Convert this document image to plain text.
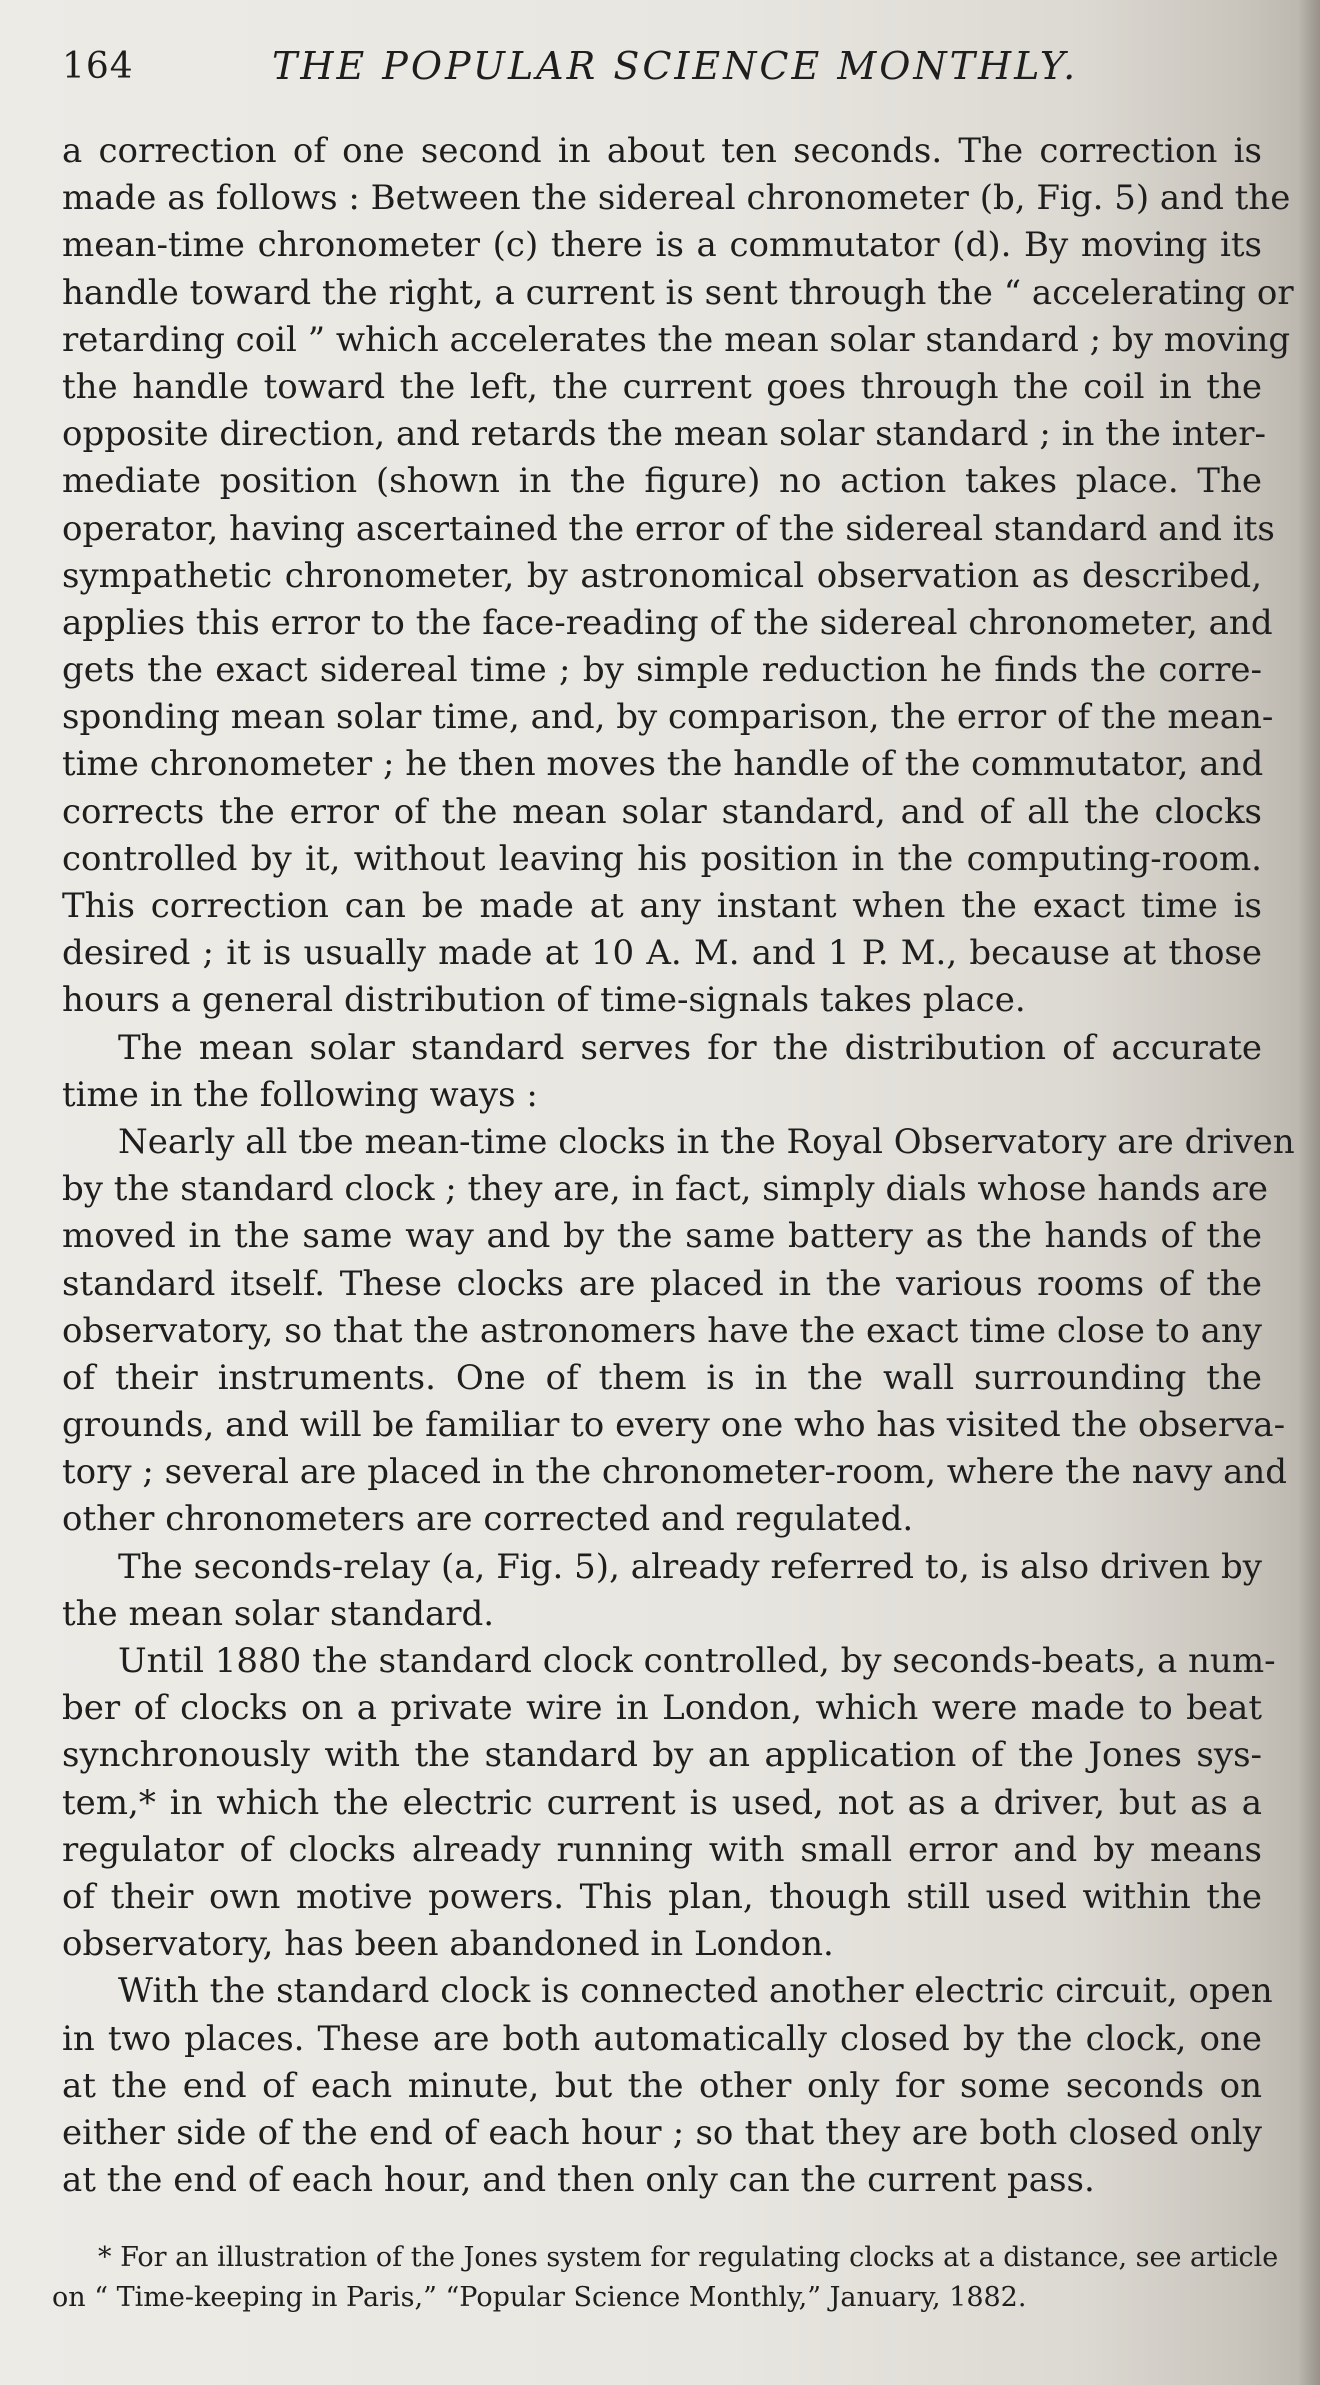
164	THE POPULAR SCIENCE MONTHLY.
a correction of one second in about ten seconds. The correction is
made as follows : Between the sidereal chronometer (b, Fig. 5) and the
mean-time chronometer (c) there is a commutator (d). By moving its
handle toward the right, a current is sent through the “ accelerating or
retarding coil ” which accelerates the mean solar standard ; by moving
the handle toward the left, the current goes through the coil in the
opposite direction, and retards the mean solar standard ; in the inter-
mediate position (shown in the figure) no action takes place. The
operator, having ascertained the error of the sidereal standard and its
sympathetic chronometer, by astronomical observation as described,
applies this error to the face-reading of the sidereal chronometer, and
gets the exact sidereal time ; by simple reduction he finds the corre-
sponding mean solar time, and, by comparison, the error of the mean-
time chronometer ; he then moves the handle of the commutator, and
corrects the error of the mean solar standard, and of all the clocks
controlled by it, without leaving his position in the computing-room.
This correction can be made at any instant when the exact time is
desired ; it is usually made at 10 A. M. and 1 P. M., because at those
hours a general distribution of time-signals takes place.
The mean solar standard serves for the distribution of accurate
time in the following ways :
Nearly all tbe mean-time clocks in the Royal Observatory are driven
by the standard clock ; they are, in fact, simply dials whose hands are
moved in the same way and by the same battery as the hands of the
standard itself. These clocks are placed in the various rooms of the
observatory, so that the astronomers have the exact time close to any
of their instruments. One of them is in the wall surrounding the
grounds, and will be familiar to every one who has visited the observa-
tory ; several are placed in the chronometer-room, where the navy and
other chronometers are corrected and regulated.
The seconds-relay (a, Fig. 5), already referred to, is also driven by
the mean solar standard.
Until 1880 the standard clock controlled, by seconds-beats, a num-
ber of clocks on a private wire in London, which were made to beat
synchronously with the standard by an application of the Jones sys-
tem,* in which the electric current is used, not as a driver, but as a
regulator of clocks already running with small error and by means
of their own motive powers. This plan, though still used within the
observatory, has been abandoned in London.
With the standard clock is connected another electric circuit, open
in two places. These are both automatically closed by the clock, one
at the end of each minute, but the other only for some seconds on
either side of the end of each hour ; so that they are both closed only
at the end of each hour, and then only can the current pass.
* For an illustration of the Jones system for regulating clocks at a distance, see article
on “ Time-keeping in Paris,” “Popular Science Monthly,” January, 1882.
